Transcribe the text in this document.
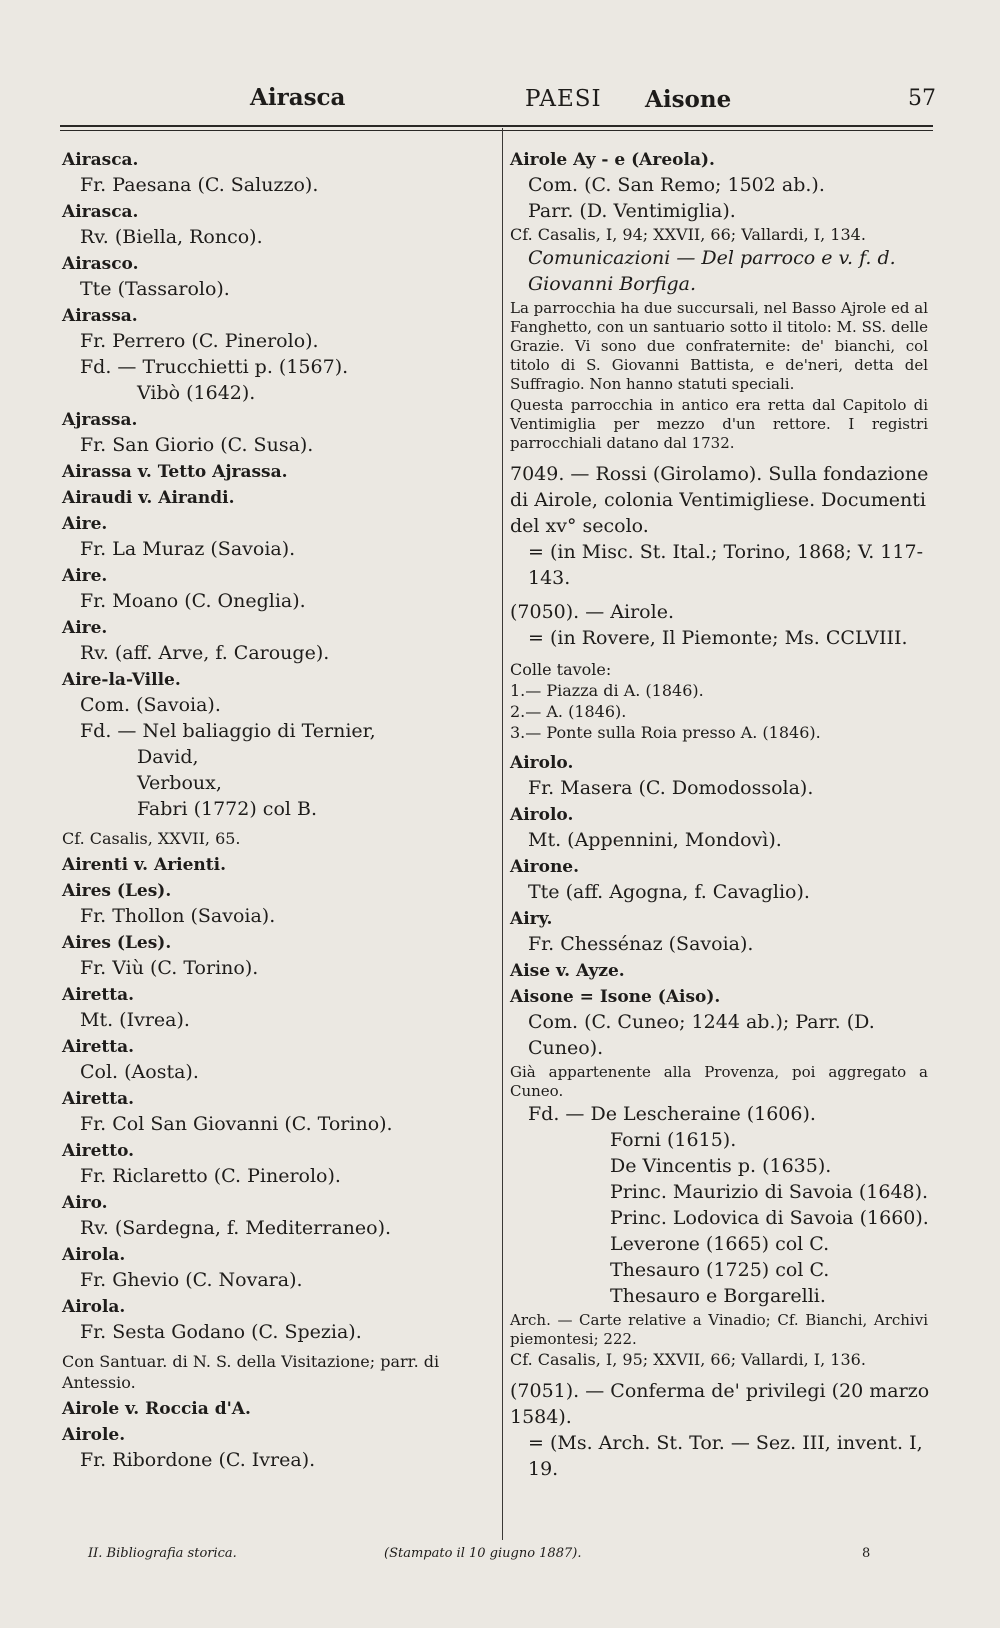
Airasca	PAESI Aisone	57
Airasca.
Fr. Paesana (C. Saluzzo).
Airasca.
Rv. (Biella, Ronco).
Airasco.
Tte (Tassarolo).
Airassa.
Fr. Perrero (C. Pinerolo).
Fd. — Trucchietti p. (1567).
Vibò (1642).
Ajrassa.
Fr. San Giorio (C. Susa).
Airassa v. Tetto Ajrassa.
Airaudi v. Airandi.
Aire.
Fr. La Muraz (Savoia).
Aire.
Fr. Moano (C. Oneglia).
Aire.
Rv. (aff. Arve, f. Carouge).
Aire-la-Ville.
Com. (Savoia).
Fd. — Nel baliaggio di Ternier,
David,
Verboux,
Fabri (1772) col B.
Cf. Casalis, XXVII, 65.
Airenti v. Arienti.
Aires (Les).
Fr. Thollon (Savoia).
Aires (Les).
Fr. Viù (C. Torino).
Airetta.
Mt. (Ivrea).
Airetta.
Col. (Aosta).
Airetta.
Fr. Col San Giovanni (C. Torino).
Airetto.
Fr. Riclaretto (C. Pinerolo).
Airo.
Rv. (Sardegna, f. Mediterraneo).
Airola.
Fr. Ghevio (C. Novara).
Airola.
Fr. Sesta Godano (C. Spezia).
Con Santuar. di N. S. della Visitazione; parr. di Antessio.
Airole v. Roccia d'A.
Airole.
Fr. Ribordone (C. Ivrea).
Airole Ay - e (Areola).
Com. (C. San Remo; 1502 ab.).
Parr. (D. Ventimiglia).
Cf. Casalis, I, 94; XXVII, 66; Vallardi, I, 134.
Comunicazioni — Del parroco e v. f. d. Giovanni Borfiga.
La parrocchia ha due succursali, nel Basso Ajrole ed al Fanghetto, con un santuario sotto il titolo: M. SS. delle Grazie. Vi sono due confraternite: de' bianchi, col titolo di S. Giovanni Battista, e de'neri, detta del Suffragio. Non hanno statuti speciali.
Questa parrocchia in antico era retta dal Capitolo di Ventimiglia per mezzo d'un rettore. I registri parrocchiali datano dal 1732.
7049. — Rossi (Girolamo). Sulla fondazione di Airole, colonia Ventimigliese. Documenti del xv° secolo.
= (in Misc. St. Ital.; Torino, 1868; V. 117-143.
(7050). — Airole.
= (in Rovere, Il Piemonte; Ms. CCLVIII.
Colle tavole:
1.— Piazza di A. (1846).
2.— A. (1846).
3.— Ponte sulla Roia presso A. (1846).
Airolo.
Fr. Masera (C. Domodossola).
Airolo.
Mt. (Appennini, Mondovì).
Airone.
Tte (aff. Agogna, f. Cavaglio).
Airy.
Fr. Chessénaz (Savoia).
Aise v. Ayze.
Aisone = Isone (Aiso).
Com. (C. Cuneo; 1244 ab.); Parr. (D. Cuneo).
Già appartenente alla Provenza, poi aggregato a Cuneo.
Fd. — De Lescheraine (1606).
Forni (1615).
De Vincentis p. (1635).
Princ. Maurizio di Savoia (1648).
Princ. Lodovica di Savoia (1660).
Leverone (1665) col C.
Thesauro (1725) col C.
Thesauro e Borgarelli.
Arch. — Carte relative a Vinadio; Cf. Bianchi, Archivi piemontesi; 222.
Cf. Casalis, I, 95; XXVII, 66; Vallardi, I, 136.
(7051). — Conferma de' privilegi (20 marzo 1584).
= (Ms. Arch. St. Tor. — Sez. III, invent. I, 19.
II. Bibliografia storica.	(Stampato il 10 giugno 1887).	8
